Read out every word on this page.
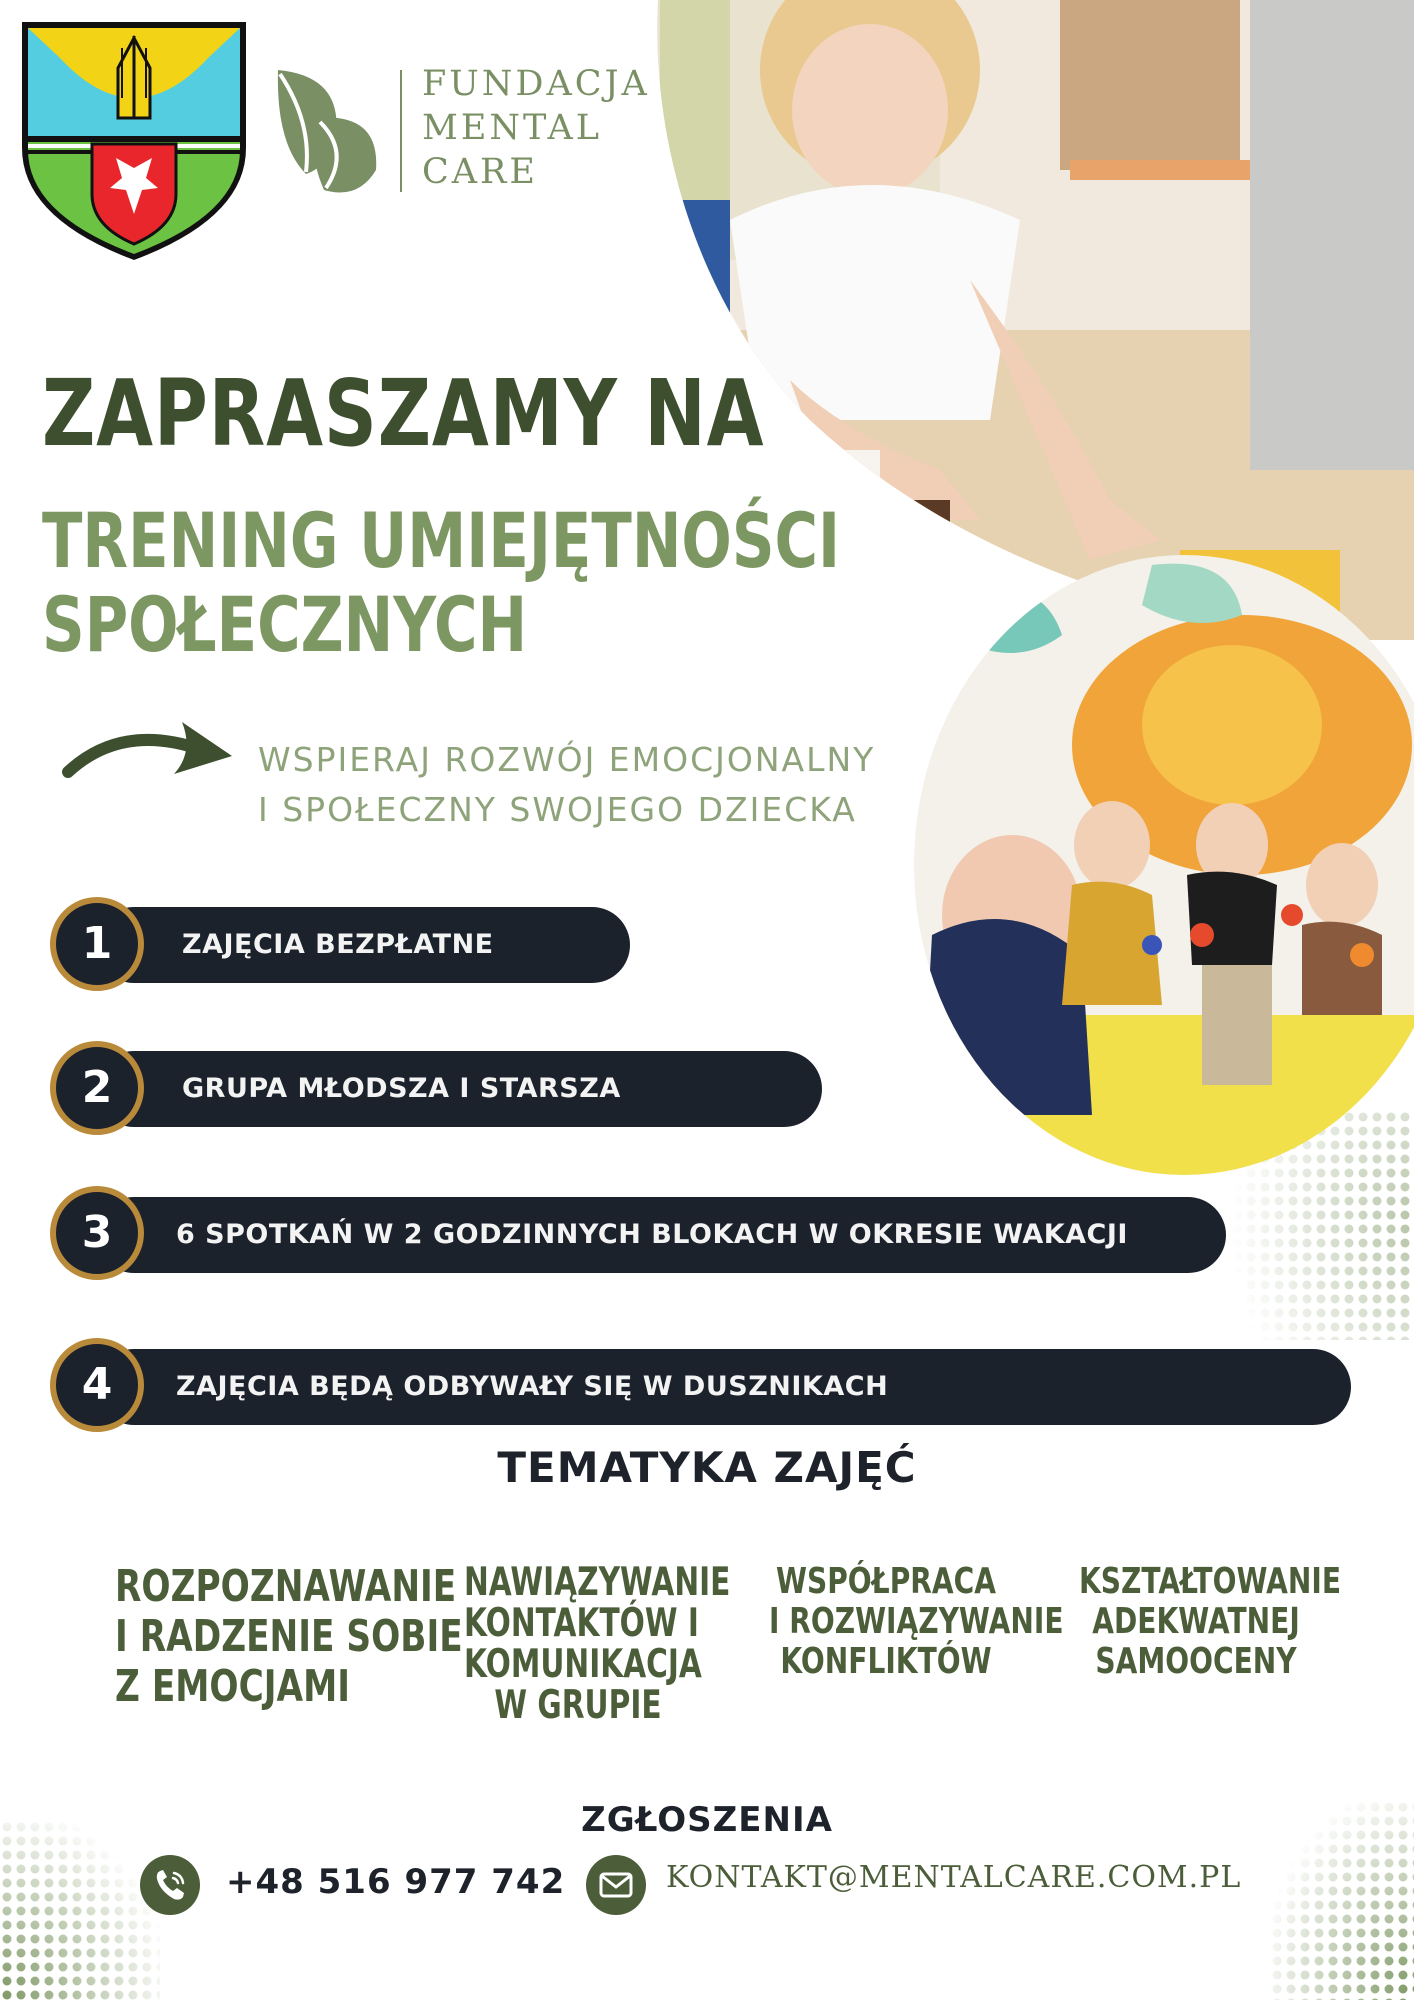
FUNDACJA
MENTAL
CARE
ZAPRASZAMY NA
TRENING UMIEJĘTNOŚCI
SPOŁECZNYCH
WSPIERAJ ROZWÓJ EMOCJONALNY
I SPOŁECZNY SWOJEGO DZIECKA
ZAJĘCIA BEZPŁATNE
1
GRUPA MŁODSZA I STARSZA
2
6 SPOTKAŃ W 2 GODZINNYCH BLOKACH W OKRESIE WAKACJI
3
ZAJĘCIA BĘDĄ ODBYWAŁY SIĘ W DUSZNIKACH
4
TEMATYKA ZAJĘĆ
ROZPOZNAWANIE
I RADZENIE SOBIE
Z EMOCJAMI
NAWIĄZYWANIE
KONTAKTÓW I
KOMUNIKACJA
W GRUPIE
WSPÓŁPRACA
I ROZWIĄZYWANIE
KONFLIKTÓW
KSZTAŁTOWANIE
ADEKWATNEJ
SAMOOCENY
ZGŁOSZENIA
+48 516 977 742	KONTAKT@MENTALCARE.COM.PL
